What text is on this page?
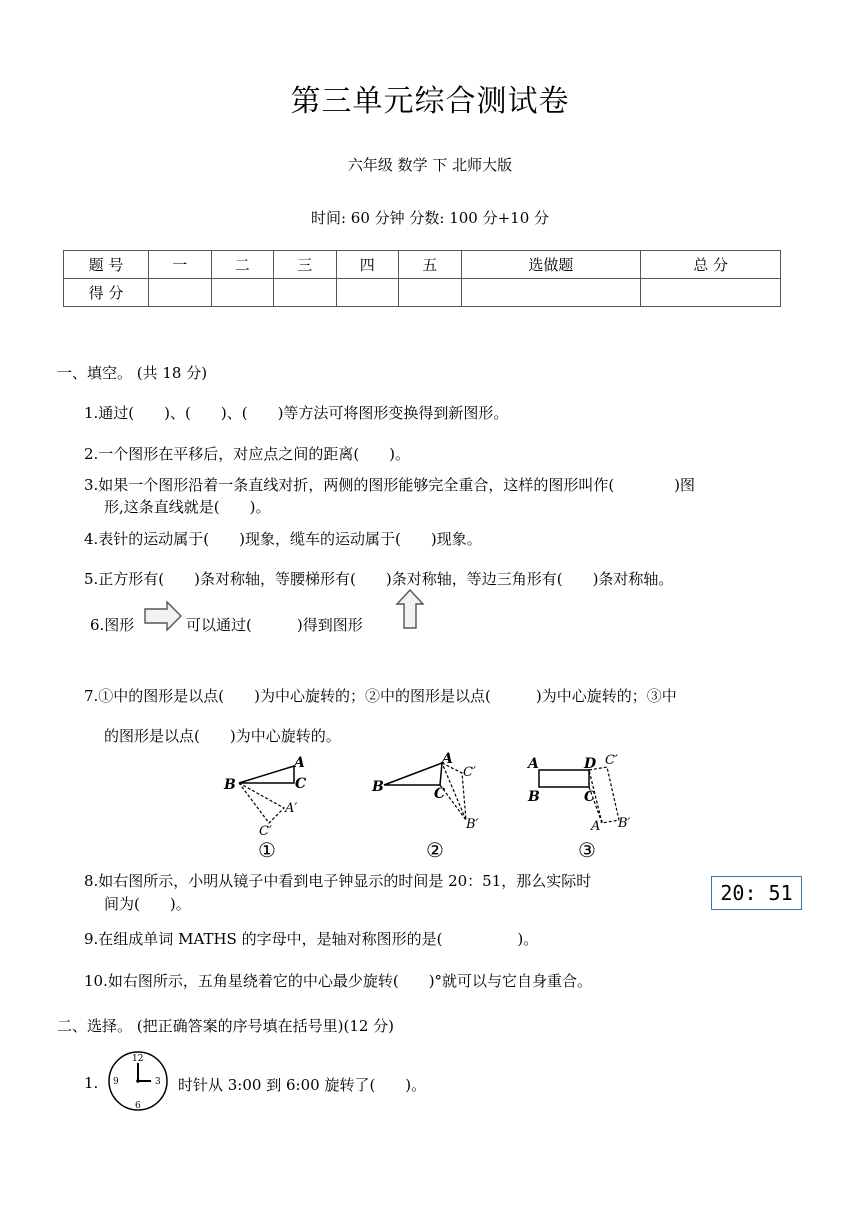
第三单元综合测试卷
六年级 数学 下 北师大版
时间: 60 分钟 分数: 100 分+10 分
题 号	一	二	三	四	五	选做题	总 分
得 分							
一、填空。 (共 18 分)
1.通过(　　)、(　　)、(　　)等方法可将图形变换得到新图形。
2.一个图形在平移后，对应点之间的距离(　　)。
3.如果一个图形沿着一条直线对折，两侧的图形能够完全重合，这样的图形叫作(　　　　)图
形,这条直线就是(　　)。
4.表针的运动属于(　　)现象，缆车的运动属于(　　)现象。
5.正方形有(　　)条对称轴，等腰梯形有(　　)条对称轴，等边三角形有(　　)条对称轴。
6.图形	可以通过(　　　)得到图形
7.①中的图形是以点(　　)为中心旋转的；②中的图形是以点(　　　)为中心旋转的；③中
的图形是以点(　　)为中心旋转的。
B
A
C
A′
C′
①
B
A
C
C′
B′
②
A
B
D
C
C′
A′ B′
③
8.如右图所示，小明从镜子中看到电子钟显示的时间是 20：51，那么实际时
间为(　　)。	20: 51
9.在组成单词 MATHS 的字母中，是轴对称图形的是(　　　　　)。
10.如右图所示，五角星绕着它的中心最少旋转(　　)°就可以与它自身重合。
二、选择。 (把正确答案的序号填在括号里)(12 分)
1.
12
3
6
9	时针从 3:00 到 6:00 旋转了(　　)。
